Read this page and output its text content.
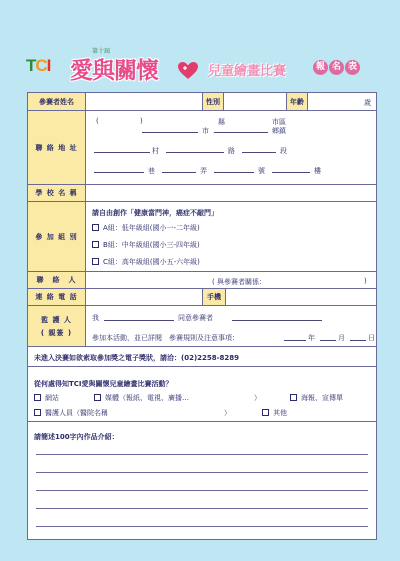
TCI
第十屆
愛與關懷	兒童繪畫比賽	報 名 表
參賽者姓名	性別	年齡	歲
聯 絡 地 址
(	)	縣	市區
市	鄉鎮
村	路	段
巷	弄	號	樓
學 校 名 稱
參 加 組 別
請自由創作「健康當門神，癌症不敲門」
A組：低年級組(國小一-二年級)
B組：中年級組(國小三-四年級)
C組：高年級組(國小五-六年級)
聯　絡　人	( 與參賽者關係：	)
連 絡 電 話	手機
監 護 人
( 親簽 )
我	同意參賽者
參加本活動，並已詳閱　參賽規則及注意事項：	年	月	日
未進入決賽如欲索取參加獎之電子獎狀，請洽：(02)2258-8289
從何處得知TCI愛與關懷兒童繪畫比賽活動？
網站	媒體（報紙、電視、廣播…	）	海報、宣傳單
醫護人員（醫院名稱	）	其他
請簡述100字內作品介紹：
